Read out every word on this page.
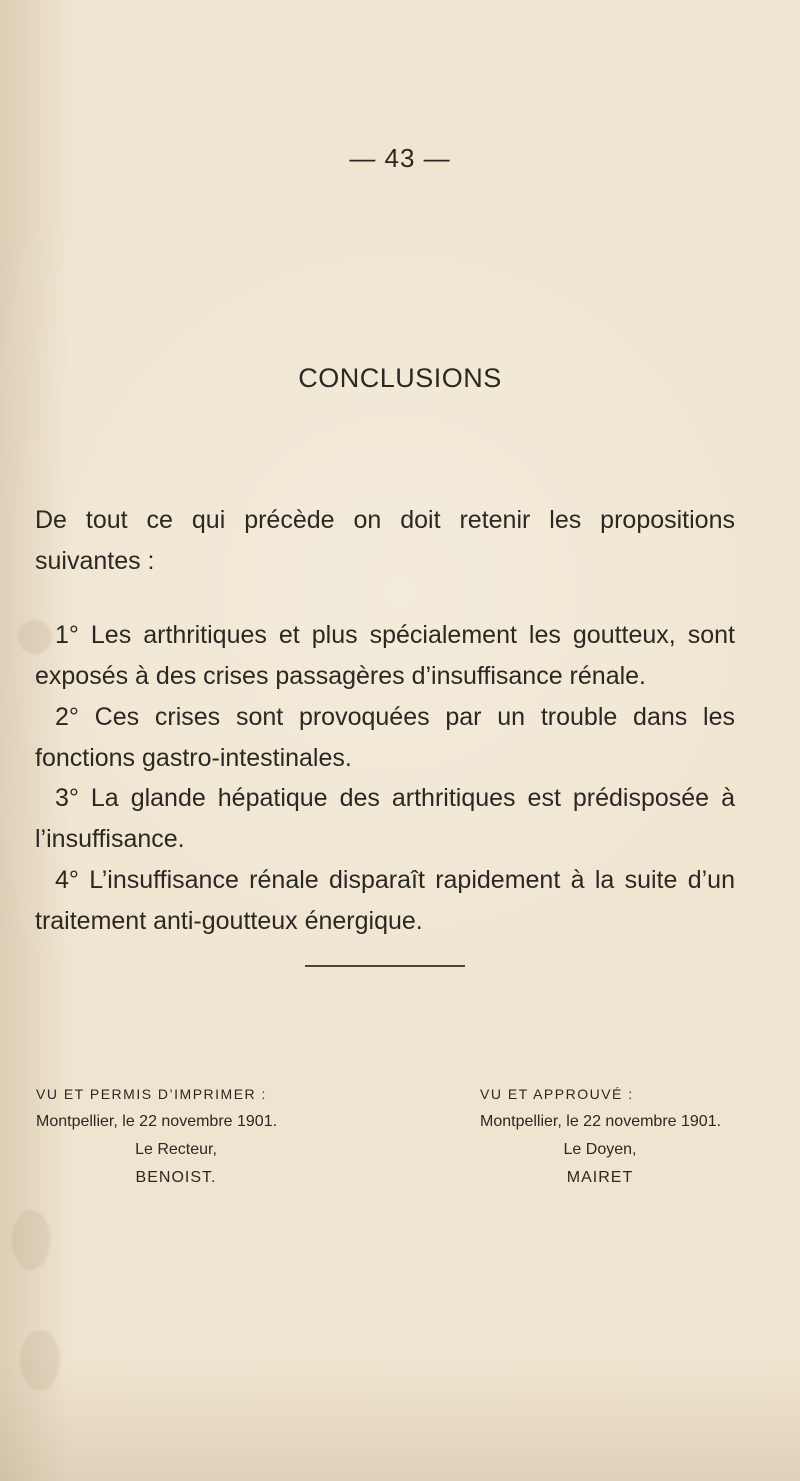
— 43 —
CONCLUSIONS
De tout ce qui précède on doit retenir les propositions suivantes :
1° Les arthritiques et plus spécialement les goutteux, sont exposés à des crises passagères d’insuffisance rénale.
2° Ces crises sont provoquées par un trouble dans les fonctions gastro-intestinales.
3° La glande hépatique des arthritiques est prédisposée à l’insuffisance.
4° L’insuffisance rénale disparaît rapidement à la suite d’un traitement anti-goutteux énergique.
VU ET PERMIS D’IMPRIMER :
Montpellier, le 22 novembre 1901.
Le Recteur,
BENOIST.
VU ET APPROUVÉ :
Montpellier, le 22 novembre 1901.
Le Doyen,
MAIRET
